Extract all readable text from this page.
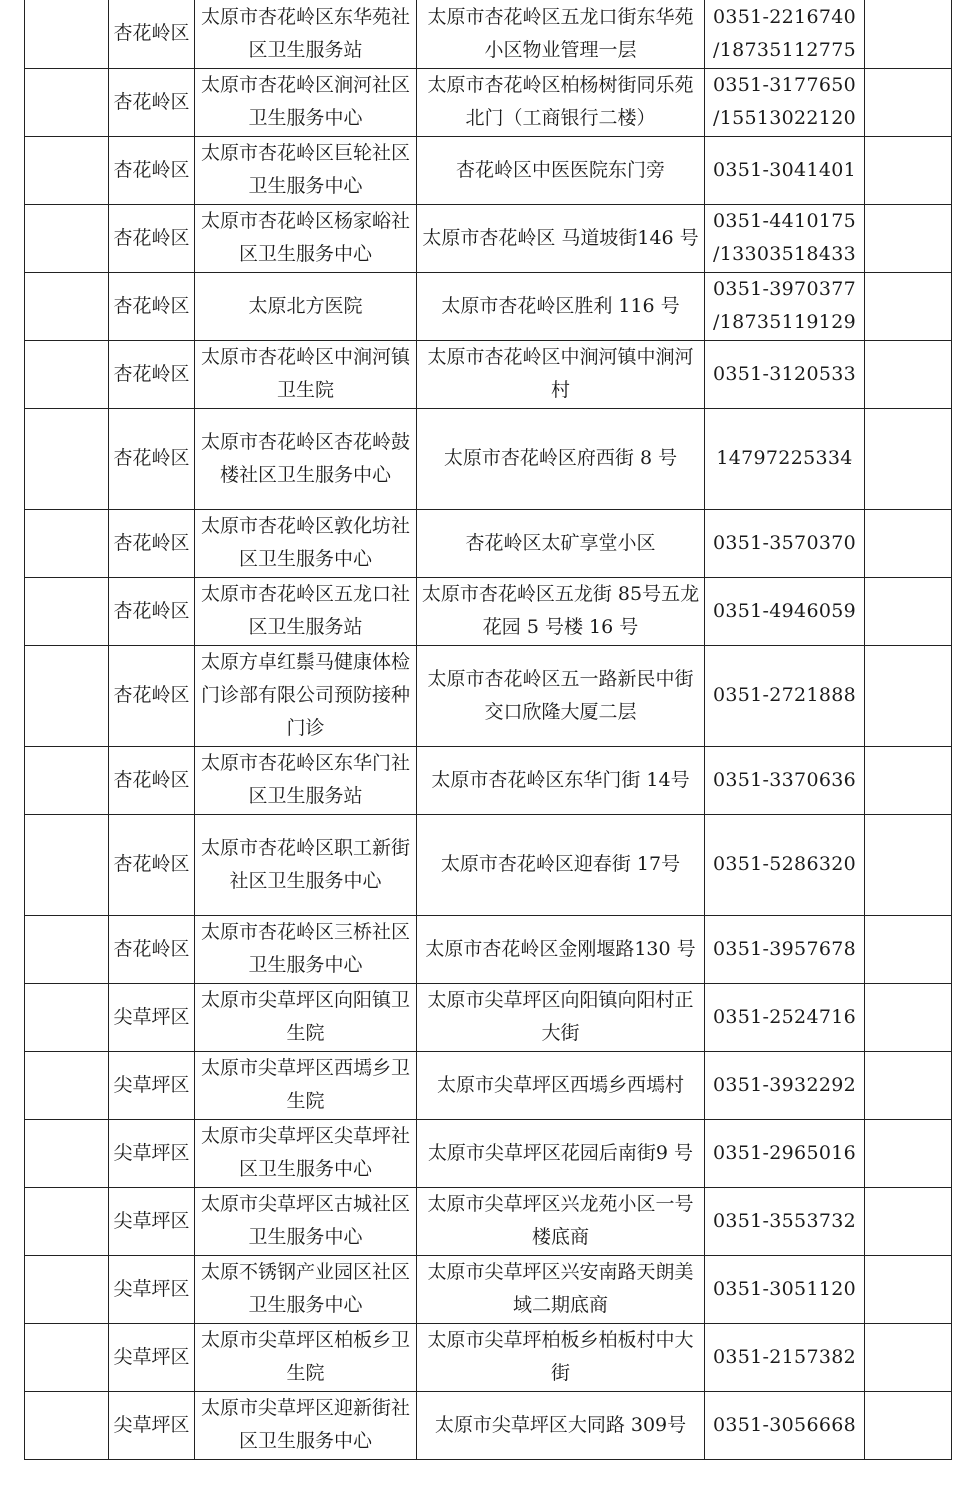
	杏花岭区	太原市杏花岭区东华苑社区卫生服务站	太原市杏花岭区五龙口街东华苑小区物业管理一层	0351-2216740 /18735112775	
	杏花岭区	太原市杏花岭区涧河社区卫生服务中心	太原市杏花岭区柏杨树街同乐苑北门（工商银行二楼）	0351-3177650 /15513022120	
	杏花岭区	太原市杏花岭区巨轮社区卫生服务中心	杏花岭区中医医院东门旁	0351-3041401	
	杏花岭区	太原市杏花岭区杨家峪社区卫生服务中心	太原市杏花岭区 马道坡街146 号	0351-4410175 /13303518433	
	杏花岭区	太原北方医院	太原市杏花岭区胜利 116 号	0351-3970377 /18735119129	
	杏花岭区	太原市杏花岭区中涧河镇卫生院	太原市杏花岭区中涧河镇中涧河村	0351-3120533	
	杏花岭区	太原市杏花岭区杏花岭鼓楼社区卫生服务中心	太原市杏花岭区府西街 8 号	14797225334	
	杏花岭区	太原市杏花岭区敦化坊社区卫生服务中心	杏花岭区太矿享堂小区	0351-3570370	
	杏花岭区	太原市杏花岭区五龙口社区卫生服务站	太原市杏花岭区五龙街 85号五龙花园 5 号楼 16 号	0351-4946059	
	杏花岭区	太原方卓红鬃马健康体检门诊部有限公司预防接种门诊	太原市杏花岭区五一路新民中街交口欣隆大厦二层	0351-2721888	
	杏花岭区	太原市杏花岭区东华门社区卫生服务站	太原市杏花岭区东华门街 14号	0351-3370636	
	杏花岭区	太原市杏花岭区职工新街社区卫生服务中心	太原市杏花岭区迎春街 17号	0351-5286320	
	杏花岭区	太原市杏花岭区三桥社区卫生服务中心	太原市杏花岭区金刚堰路130 号	0351-3957678	
	尖草坪区	太原市尖草坪区向阳镇卫生院	太原市尖草坪区向阳镇向阳村正大街	0351-2524716	
	尖草坪区	太原市尖草坪区西墕乡卫生院	太原市尖草坪区西墕乡西墕村	0351-3932292	
	尖草坪区	太原市尖草坪区尖草坪社区卫生服务中心	太原市尖草坪区花园后南街9 号	0351-2965016	
	尖草坪区	太原市尖草坪区古城社区卫生服务中心	太原市尖草坪区兴龙苑小区一号楼底商	0351-3553732	
	尖草坪区	太原不锈钢产业园区社区卫生服务中心	太原市尖草坪区兴安南路天朗美域二期底商	0351-3051120	
	尖草坪区	太原市尖草坪区柏板乡卫生院	太原市尖草坪柏板乡柏板村中大街	0351-2157382	
	尖草坪区	太原市尖草坪区迎新街社区卫生服务中心	太原市尖草坪区大同路 309号	0351-3056668	
